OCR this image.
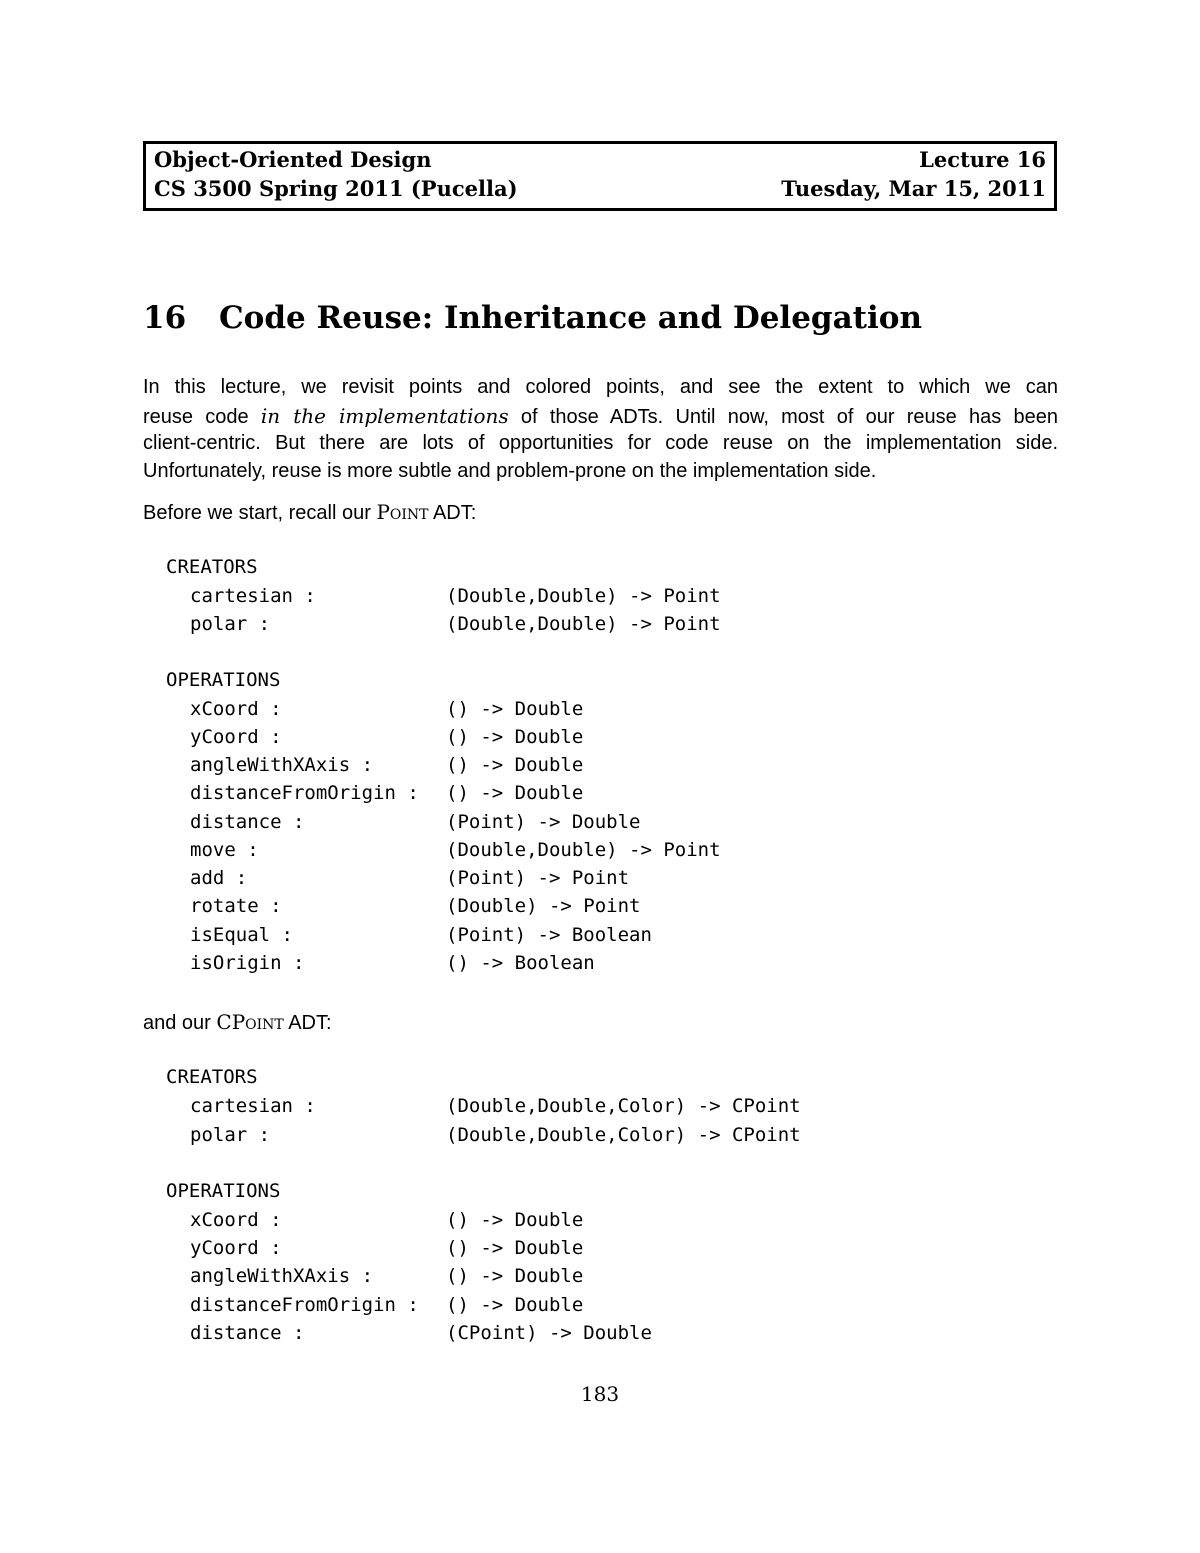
Object-Oriented Design	Lecture 16
CS 3500 Spring 2011 (Pucella)	Tuesday, Mar 15, 2011
16 Code Reuse: Inheritance and Delegation
In this lecture, we revisit points and colored points, and see the extent to which we can
reuse code in the implementations of those ADTs. Until now, most of our reuse has been
client-centric. But there are lots of opportunities for code reuse on the implementation side.
Unfortunately, reuse is more subtle and problem-prone on the implementation side.
Before we start, recall our Point ADT:
CREATORS
cartesian :	(Double,Double) -> Point
polar :	(Double,Double) -> Point
OPERATIONS
xCoord :	() -> Double
yCoord :	() -> Double
angleWithXAxis :	() -> Double
distanceFromOrigin : () -> Double
distance :	(Point) -> Double
move :	(Double,Double) -> Point
add :	(Point) -> Point
rotate :	(Double) -> Point
isEqual :	(Point) -> Boolean
isOrigin :	() -> Boolean
and our CPoint ADT:
CREATORS
cartesian :	(Double,Double,Color) -> CPoint
polar :	(Double,Double,Color) -> CPoint
OPERATIONS
xCoord :	() -> Double
yCoord :	() -> Double
angleWithXAxis :	() -> Double
distanceFromOrigin : () -> Double
distance :	(CPoint) -> Double
183
